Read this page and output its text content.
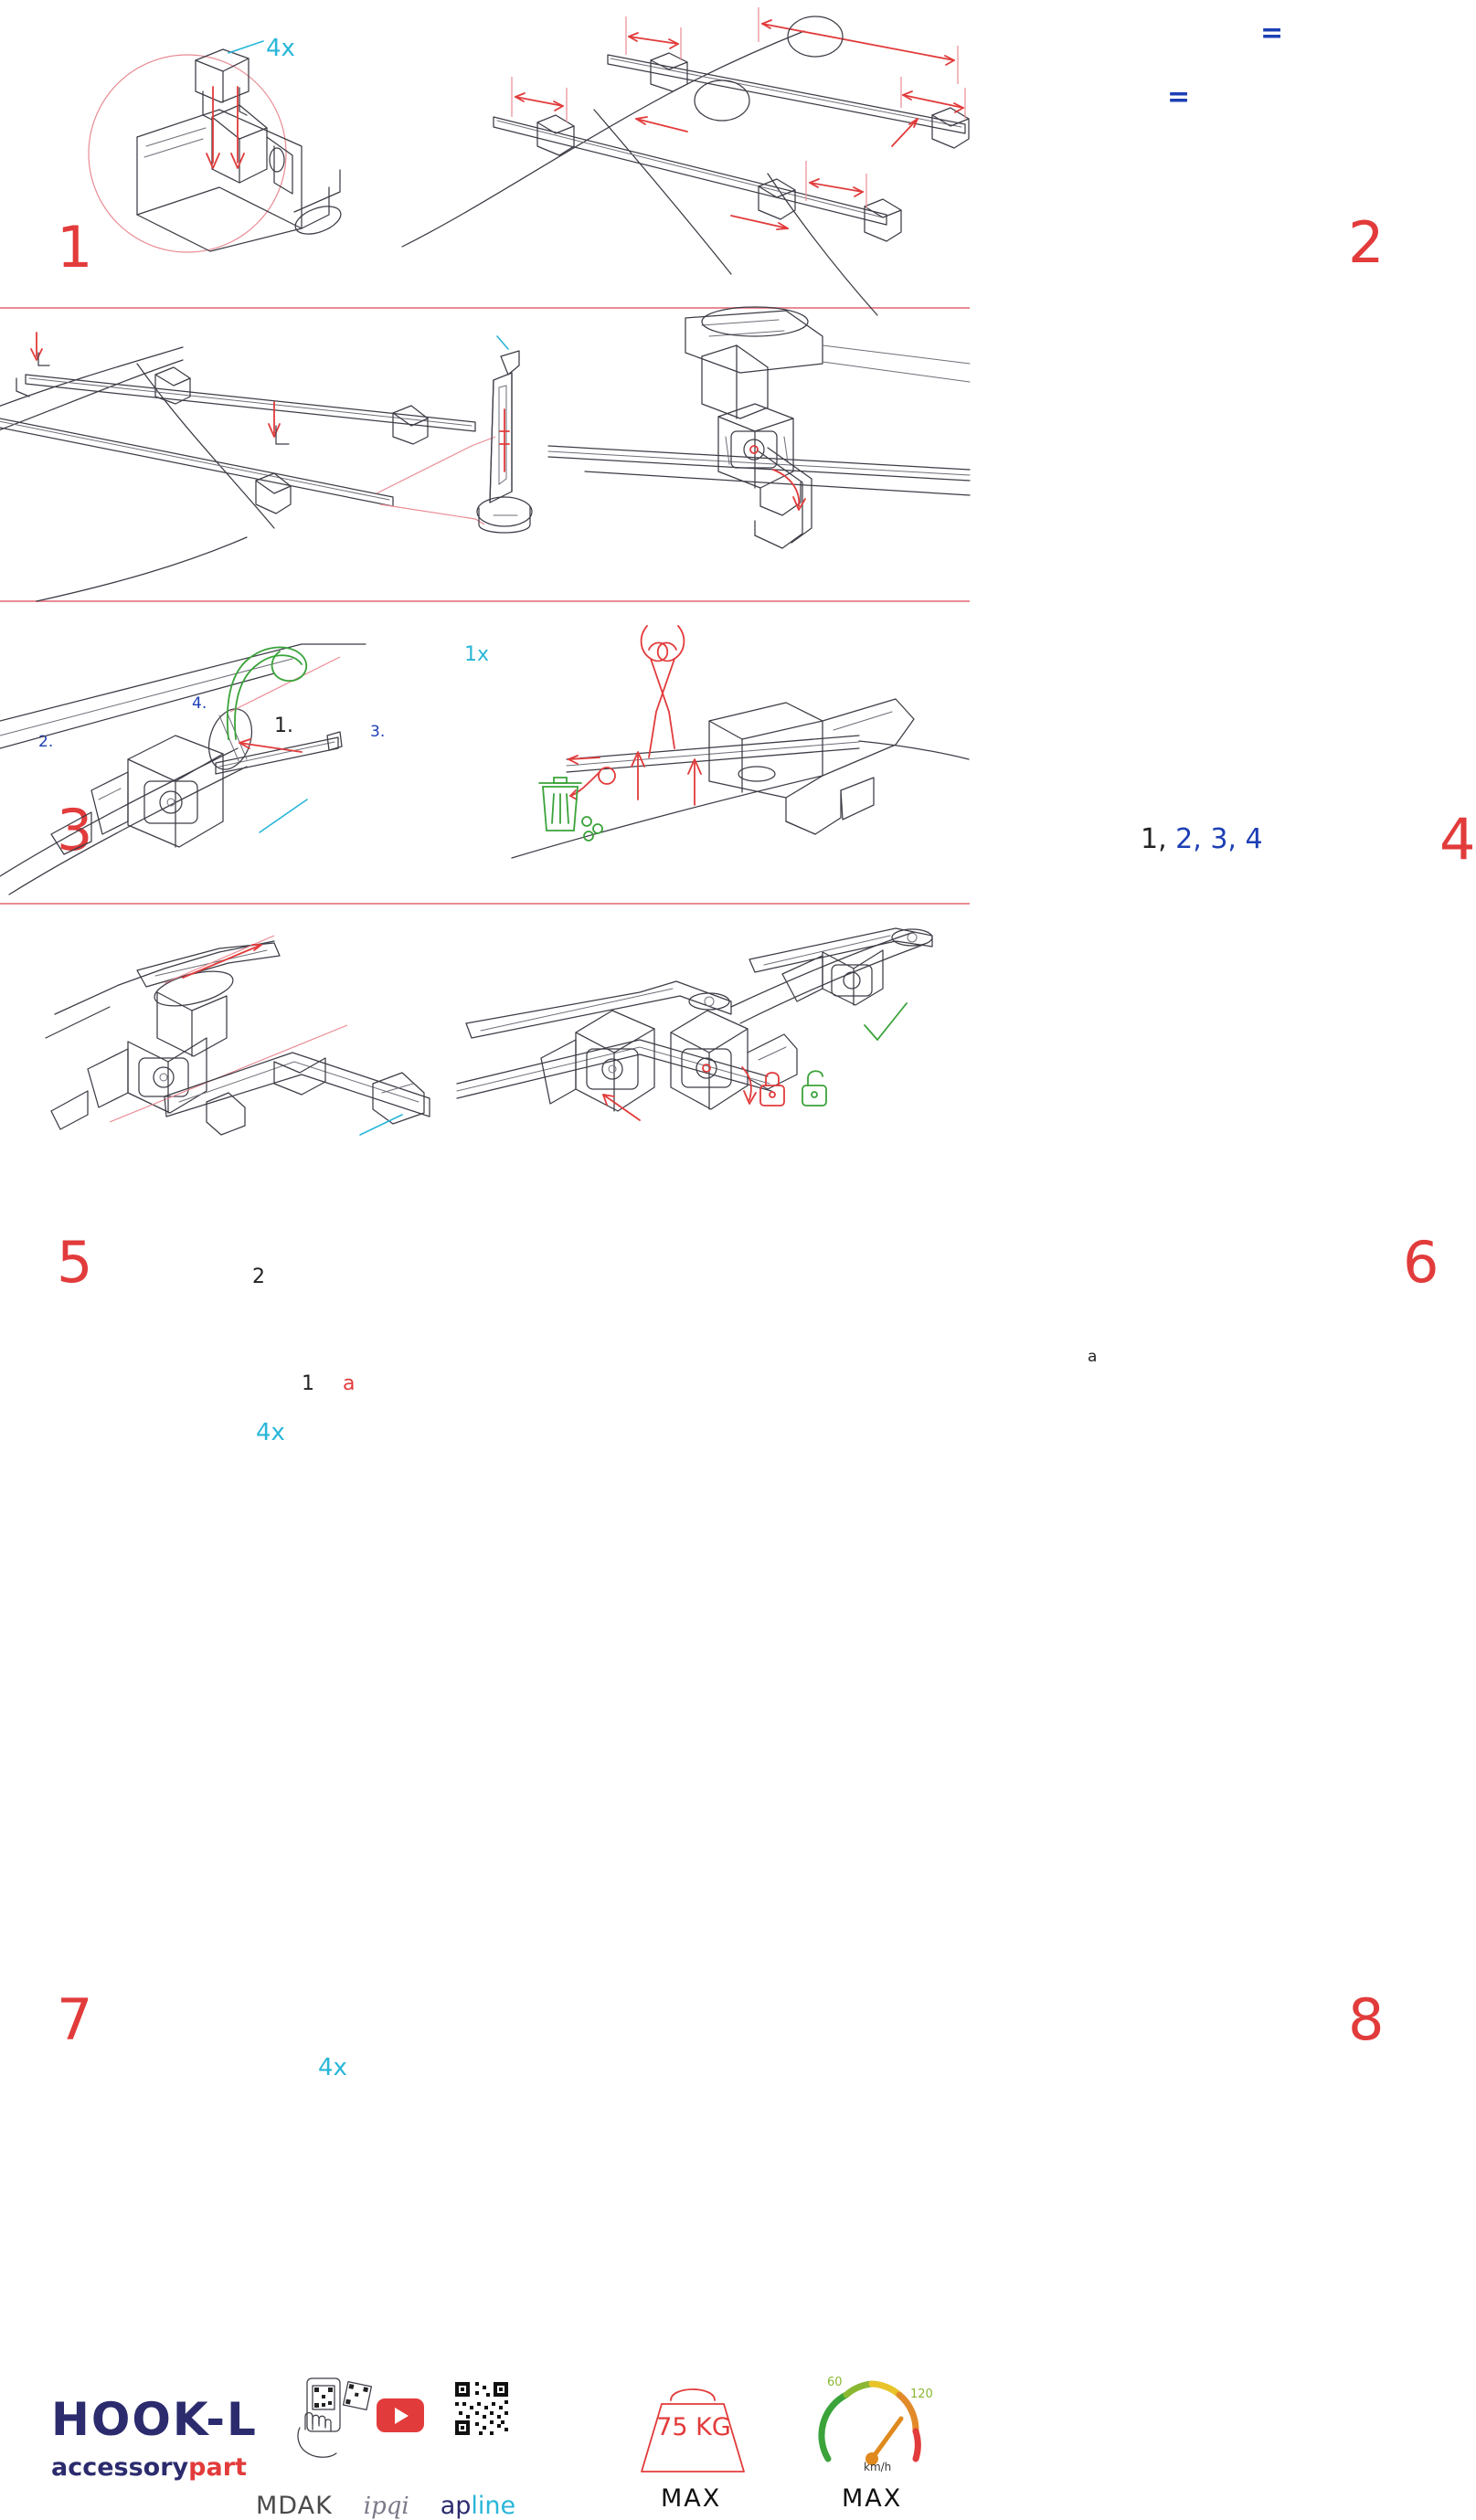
4x
1
=
=
2
1.
2.
3.
4.
1x
3	1, 2, 3, 4	4
1
2
a
4x
5
a
6
4x
7	8
HOOK-L
accessorypart
MDAK ipqi apline
75 KG
MAX
60
120
km/h
MAX
